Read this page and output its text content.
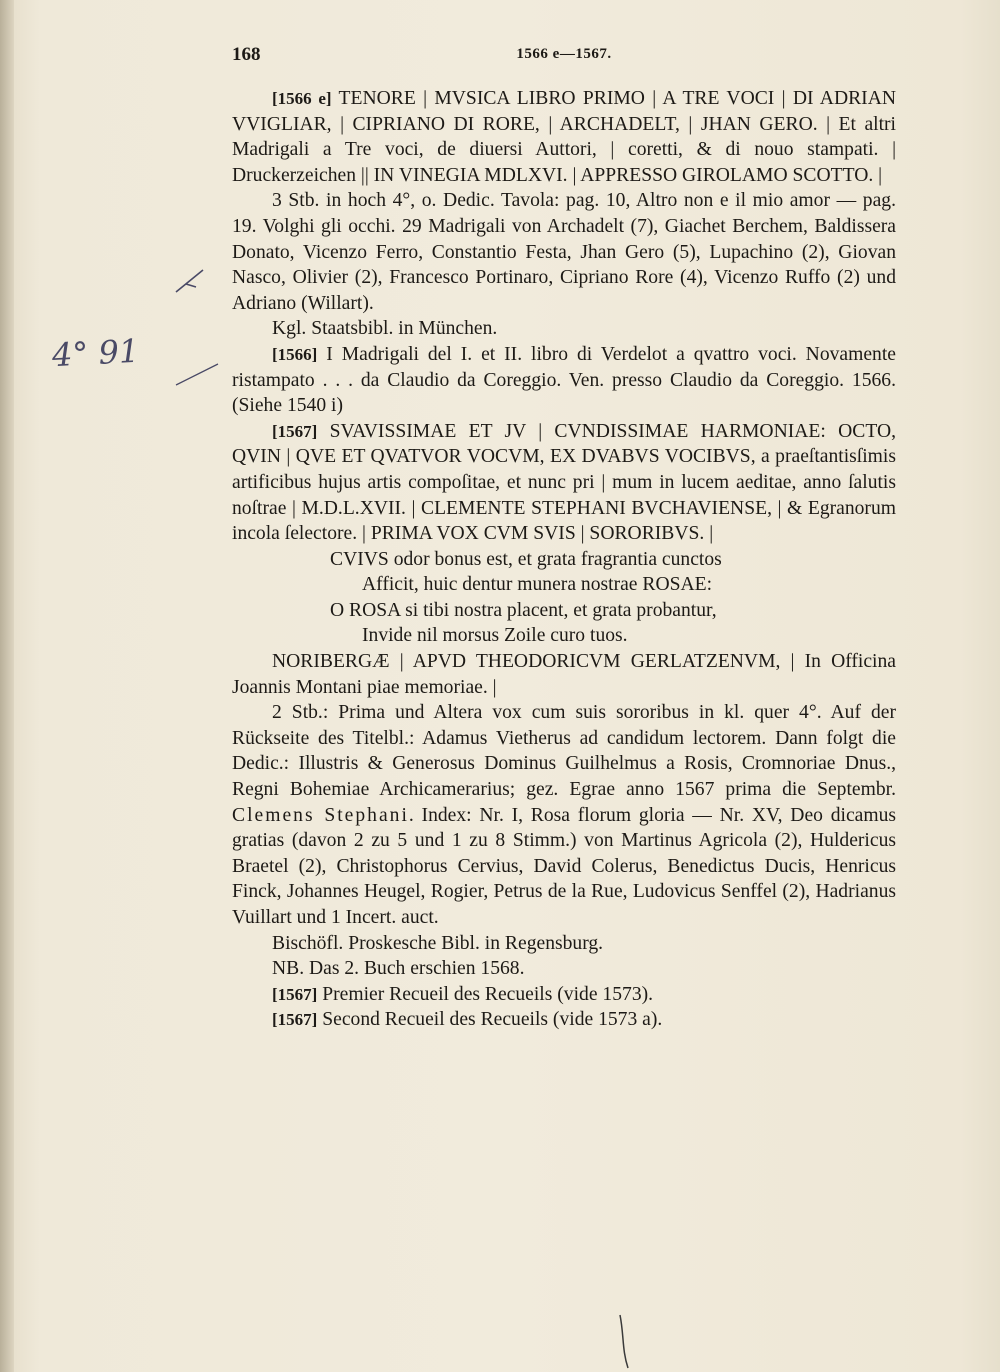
4° 91
168	1566 e—1567.

[1566 e] TENORE | MVSICA LIBRO PRIMO | A TRE VOCI | DI ADRIAN VVIGLIAR, | CIPRIANO DI RORE, | ARCHADELT, | JHAN GERO. | Et altri Madrigali a Tre voci, de diuersi Auttori, | coretti, & di nouo stampati. | Druckerzeichen || IN VINEGIA MDLXVI. | APPRESSO GIROLAMO SCOTTO. |

3 Stb. in hoch 4°, o. Dedic. Tavola: pag. 10, Altro non e il mio amor — pag. 19. Volghi gli occhi. 29 Madrigali von Archadelt (7), Giachet Berchem, Baldissera Donato, Vicenzo Ferro, Constantio Festa, Jhan Gero (5), Lupachino (2), Giovan Nasco, Olivier (2), Francesco Portinaro, Cipriano Rore (4), Vicenzo Ruffo (2) und Adriano (Willart).

Kgl. Staatsbibl. in München.

[1566] I Madrigali del I. et II. libro di Verdelot a qvattro voci. Novamente ristampato . . . da Claudio da Coreggio. Ven. presso Claudio da Coreggio. 1566. (Siehe 1540 i)

[1567] SVAVISSIMAE ET JV | CVNDISSIMAE HARMONIAE: OCTO, QVIN | QVE ET QVATVOR VOCVM, EX DVABVS VOCIBVS, a praeſtantisſimis artificibus hujus artis compoſitae, et nunc pri | mum in lucem aeditae, anno ſalutis noſtrae | M.D.L.XVII. | CLEMENTE STEPHANI BVCHAVIENSE, | & Egranorum incola ſelectore. | PRIMA VOX CVM SVIS | SORORIBVS. |

CVIVS odor bonus est, et grata fragrantia cunctos
Afficit, huic dentur munera nostrae ROSAE:
O ROSA si tibi nostra placent, et grata probantur,
Invide nil morsus Zoile curo tuos.

NORIBERGÆ | APVD THEODORICVM GERLATZENVM, | In Officina Joannis Montani piae memoriae. |

2 Stb.: Prima und Altera vox cum suis sororibus in kl. quer 4°. Auf der Rückseite des Titelbl.: Adamus Vietherus ad candidum lectorem. Dann folgt die Dedic.: Illustris & Generosus Dominus Guilhelmus a Rosis, Cromnoriae Dnus., Regni Bohemiae Archicamerarius; gez. Egrae anno 1567 prima die Septembr. Clemens Stephani. Index: Nr. I, Rosa florum gloria — Nr. XV, Deo dicamus gratias (davon 2 zu 5 und 1 zu 8 Stimm.) von Martinus Agricola (2), Huldericus Braetel (2), Christophorus Cervius, David Colerus, Benedictus Ducis, Henricus Finck, Johannes Heugel, Rogier, Petrus de la Rue, Ludovicus Senffel (2), Hadrianus Vuillart und 1 Incert. auct.

Bischöfl. Proskesche Bibl. in Regensburg.

NB. Das 2. Buch erschien 1568.

[1567] Premier Recueil des Recueils (vide 1573).

[1567] Second Recueil des Recueils (vide 1573 a).
